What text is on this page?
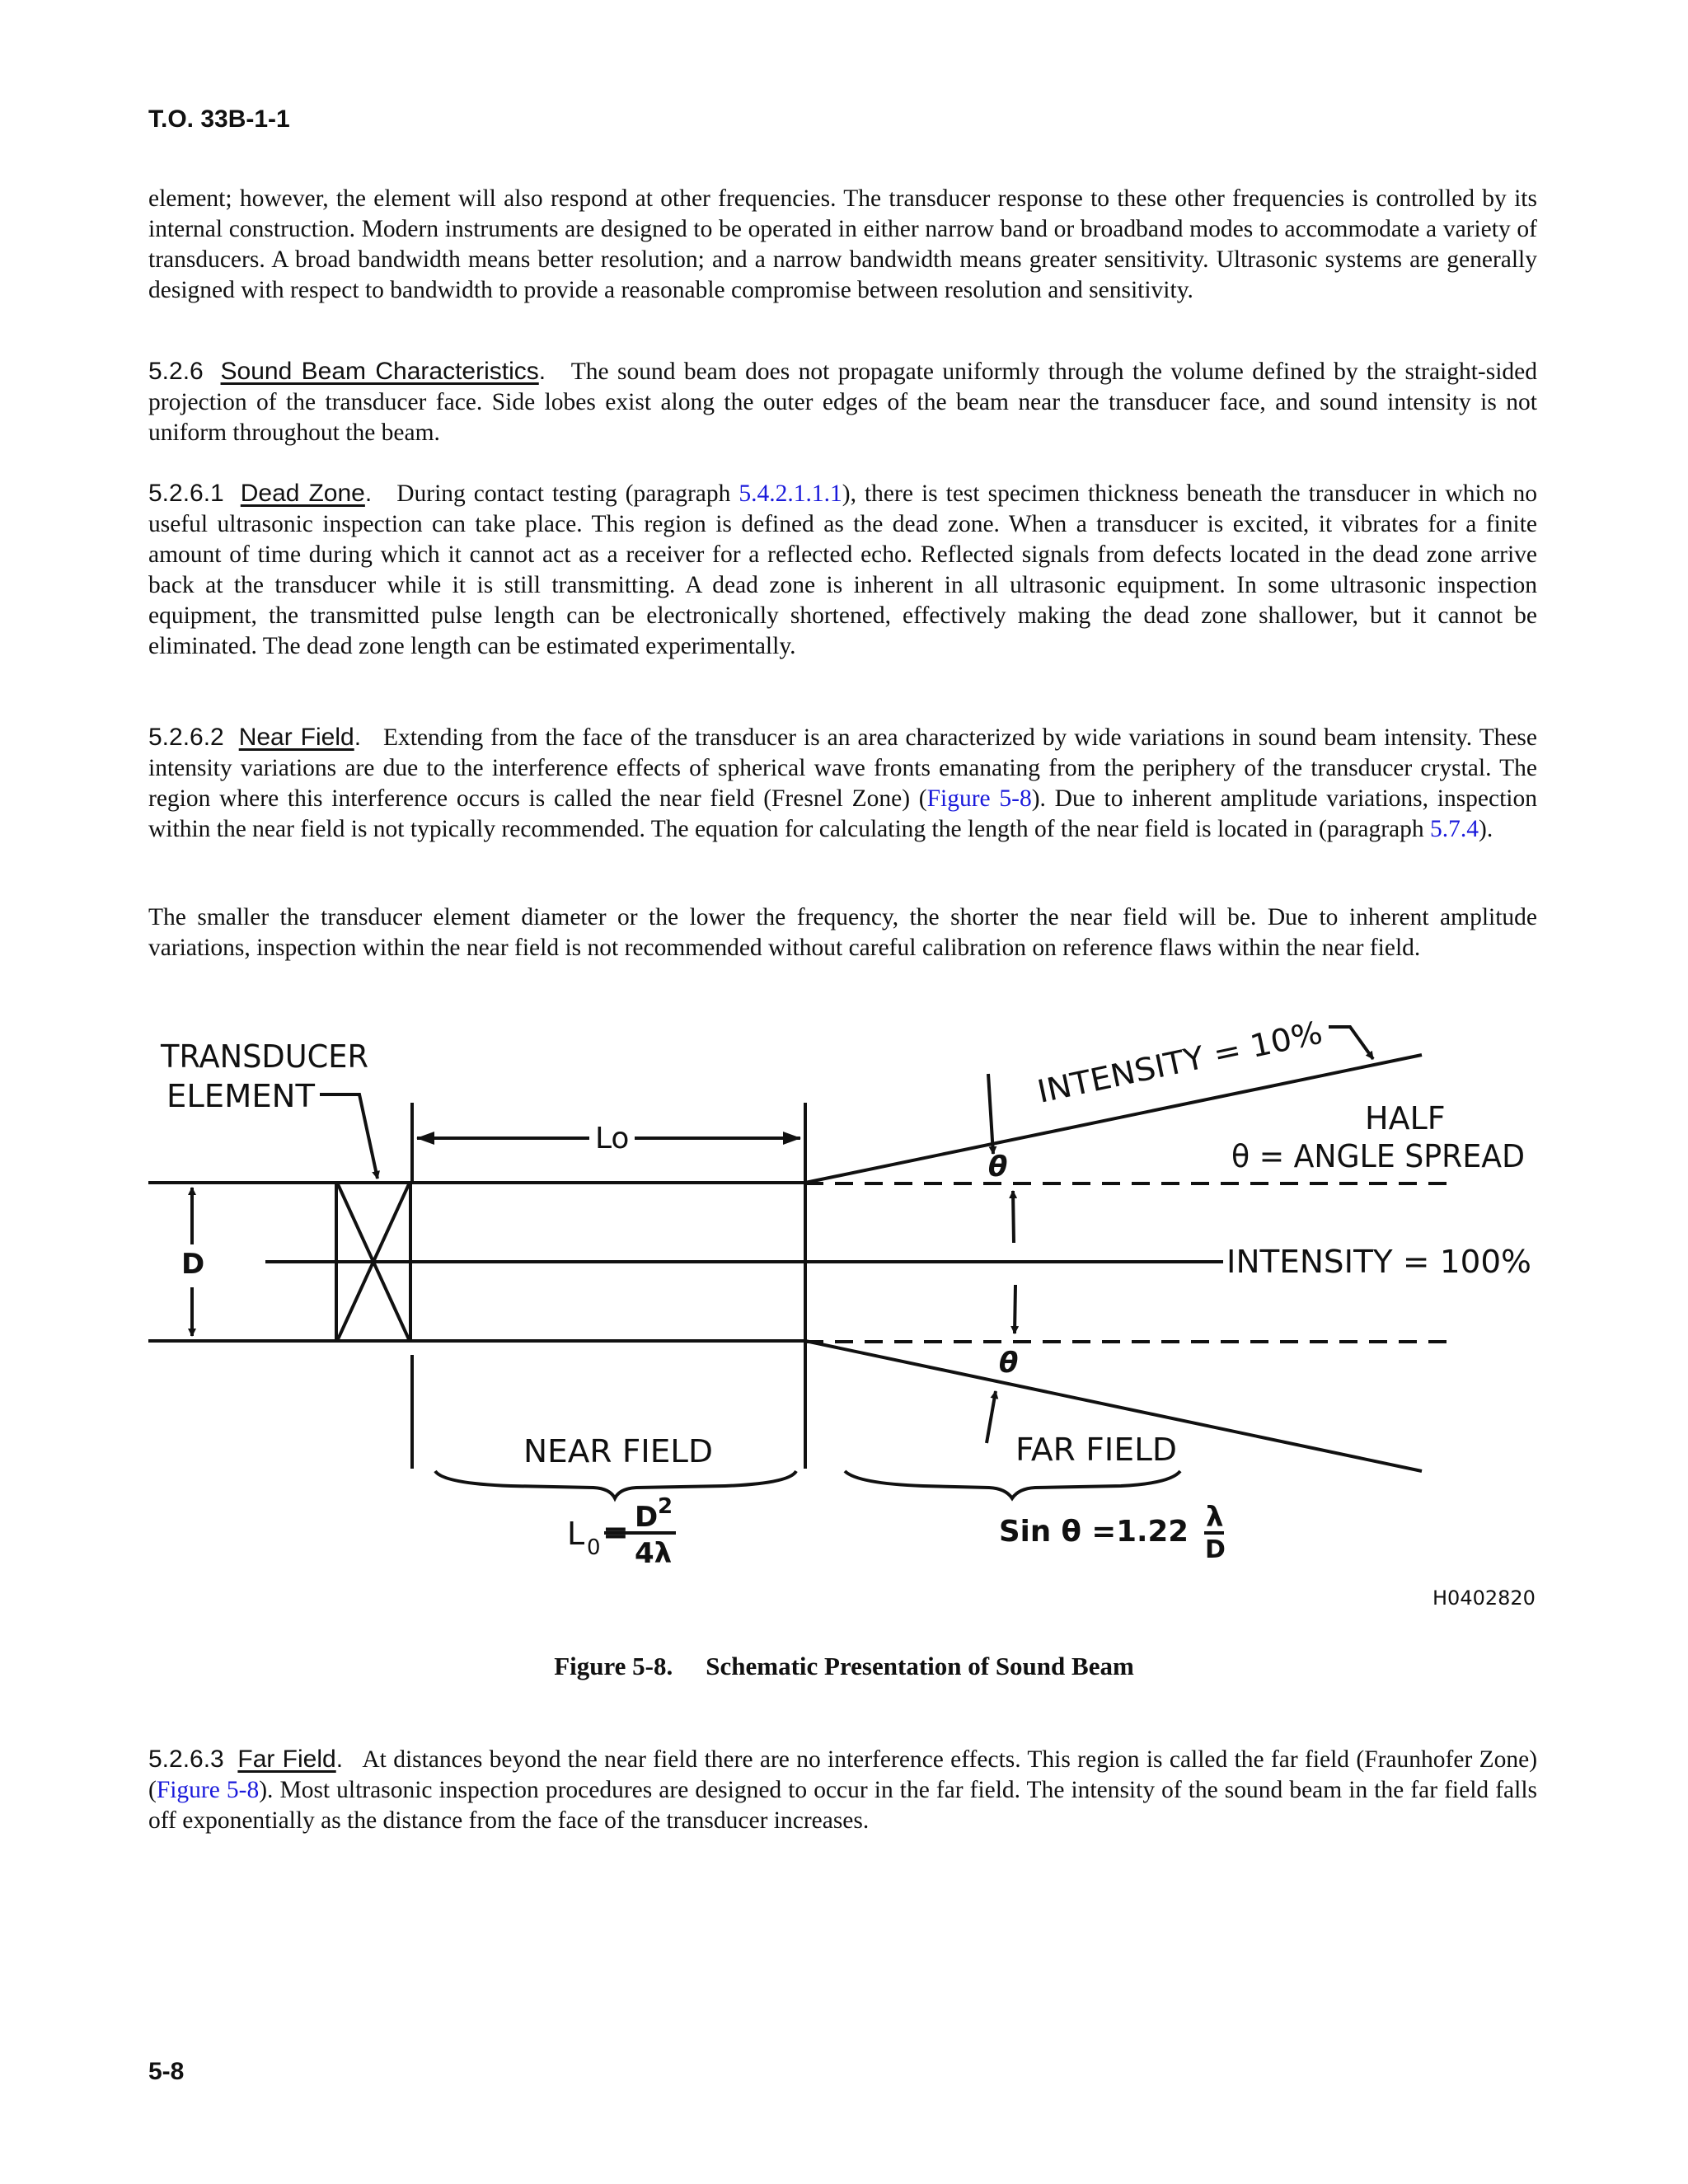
T.O. 33B-1-1

element; however, the element will also respond at other frequencies. The transducer response to these other frequencies is controlled by its internal construction. Modern instruments are designed to be operated in either narrow band or broadband modes to accommodate a variety of transducers. A broad bandwidth means better resolution; and a narrow bandwidth means greater sensitivity. Ultrasonic systems are generally designed with respect to bandwidth to provide a reasonable compromise between resolution and sensitivity.

5.2.6 Sound Beam Characteristics. The sound beam does not propagate uniformly through the volume defined by the straight-sided projection of the transducer face. Side lobes exist along the outer edges of the beam near the transducer face, and sound intensity is not uniform throughout the beam.

5.2.6.1 Dead Zone. During contact testing (paragraph 5.4.2.1.1.1), there is test specimen thickness beneath the transducer in which no useful ultrasonic inspection can take place. This region is defined as the dead zone. When a transducer is excited, it vibrates for a finite amount of time during which it cannot act as a receiver for a reflected echo. Reflected signals from defects located in the dead zone arrive back at the transducer while it is still transmitting. A dead zone is inherent in all ultrasonic equipment. In some ultrasonic inspection equipment, the transmitted pulse length can be electronically shortened, effectively making the dead zone shallower, but it cannot be eliminated. The dead zone length can be estimated experimentally.

5.2.6.2 Near Field. Extending from the face of the transducer is an area characterized by wide variations in sound beam intensity. These intensity variations are due to the interference effects of spherical wave fronts emanating from the periphery of the transducer crystal. The region where this interference occurs is called the near field (Fresnel Zone) (Figure 5-8). Due to inherent amplitude variations, inspection within the near field is not typically recommended. The equation for calculating the length of the near field is located in (paragraph 5.7.4).

The smaller the transducer element diameter or the lower the frequency, the shorter the near field will be. Due to inherent amplitude variations, inspection within the near field is not recommended without careful calibration on reference flaws within the near field.

TRANSDUCER
ELEMENT
Lo
D
INTENSITY = 10%
HALF
θ = ANGLE SPREAD
θ
INTENSITY = 100%
θ
NEAR FIELD	FAR FIELD
L 0 = D 2
4λ
Sin θ =1.22 λ
D
H0402820

Figure 5-8. Schematic Presentation of Sound Beam

5.2.6.3 Far Field. At distances beyond the near field there are no interference effects. This region is called the far field (Fraunhofer Zone) (Figure 5-8). Most ultrasonic inspection procedures are designed to occur in the far field. The intensity of the sound beam in the far field falls off exponentially as the distance from the face of the transducer increases.

5-8
